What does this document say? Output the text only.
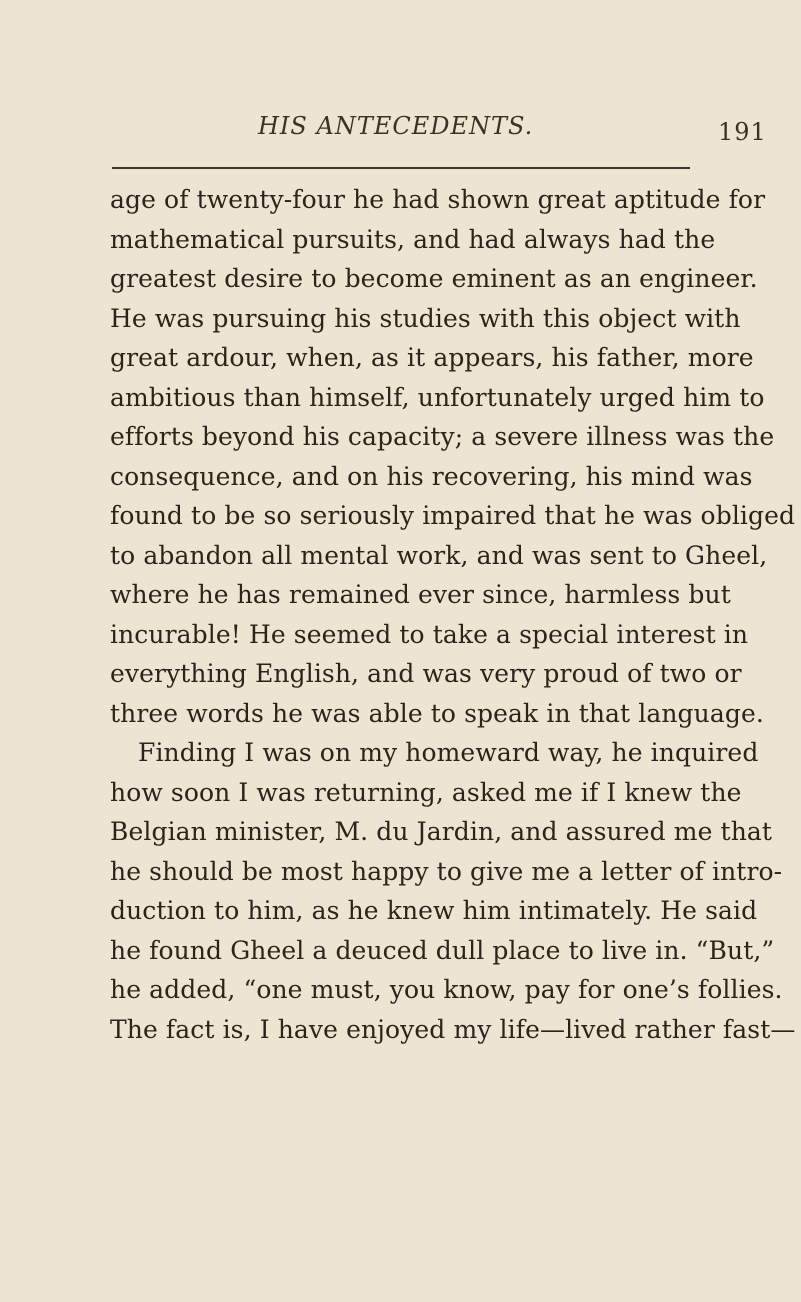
HIS ANTECEDENTS.	191
age of twenty-four he had shown great aptitude for
mathematical pursuits, and had always had the
greatest desire to become eminent as an engineer.
He was pursuing his studies with this object with
great ardour, when, as it appears, his father, more
ambitious than himself, unfortunately urged him to
efforts beyond his capacity; a severe illness was the
consequence, and on his recovering, his mind was
found to be so seriously impaired that he was obliged
to abandon all mental work, and was sent to Gheel,
where he has remained ever since, harmless but
incurable! He seemed to take a special interest in
everything English, and was very proud of two or
three words he was able to speak in that language.
Finding I was on my homeward way, he inquired
how soon I was returning, asked me if I knew the
Belgian minister, M. du Jardin, and assured me that
he should be most happy to give me a letter of intro-
duction to him, as he knew him intimately. He said
he found Gheel a deuced dull place to live in. “But,”
he added, “one must, you know, pay for one’s follies.
The fact is, I have enjoyed my life—lived rather fast—
